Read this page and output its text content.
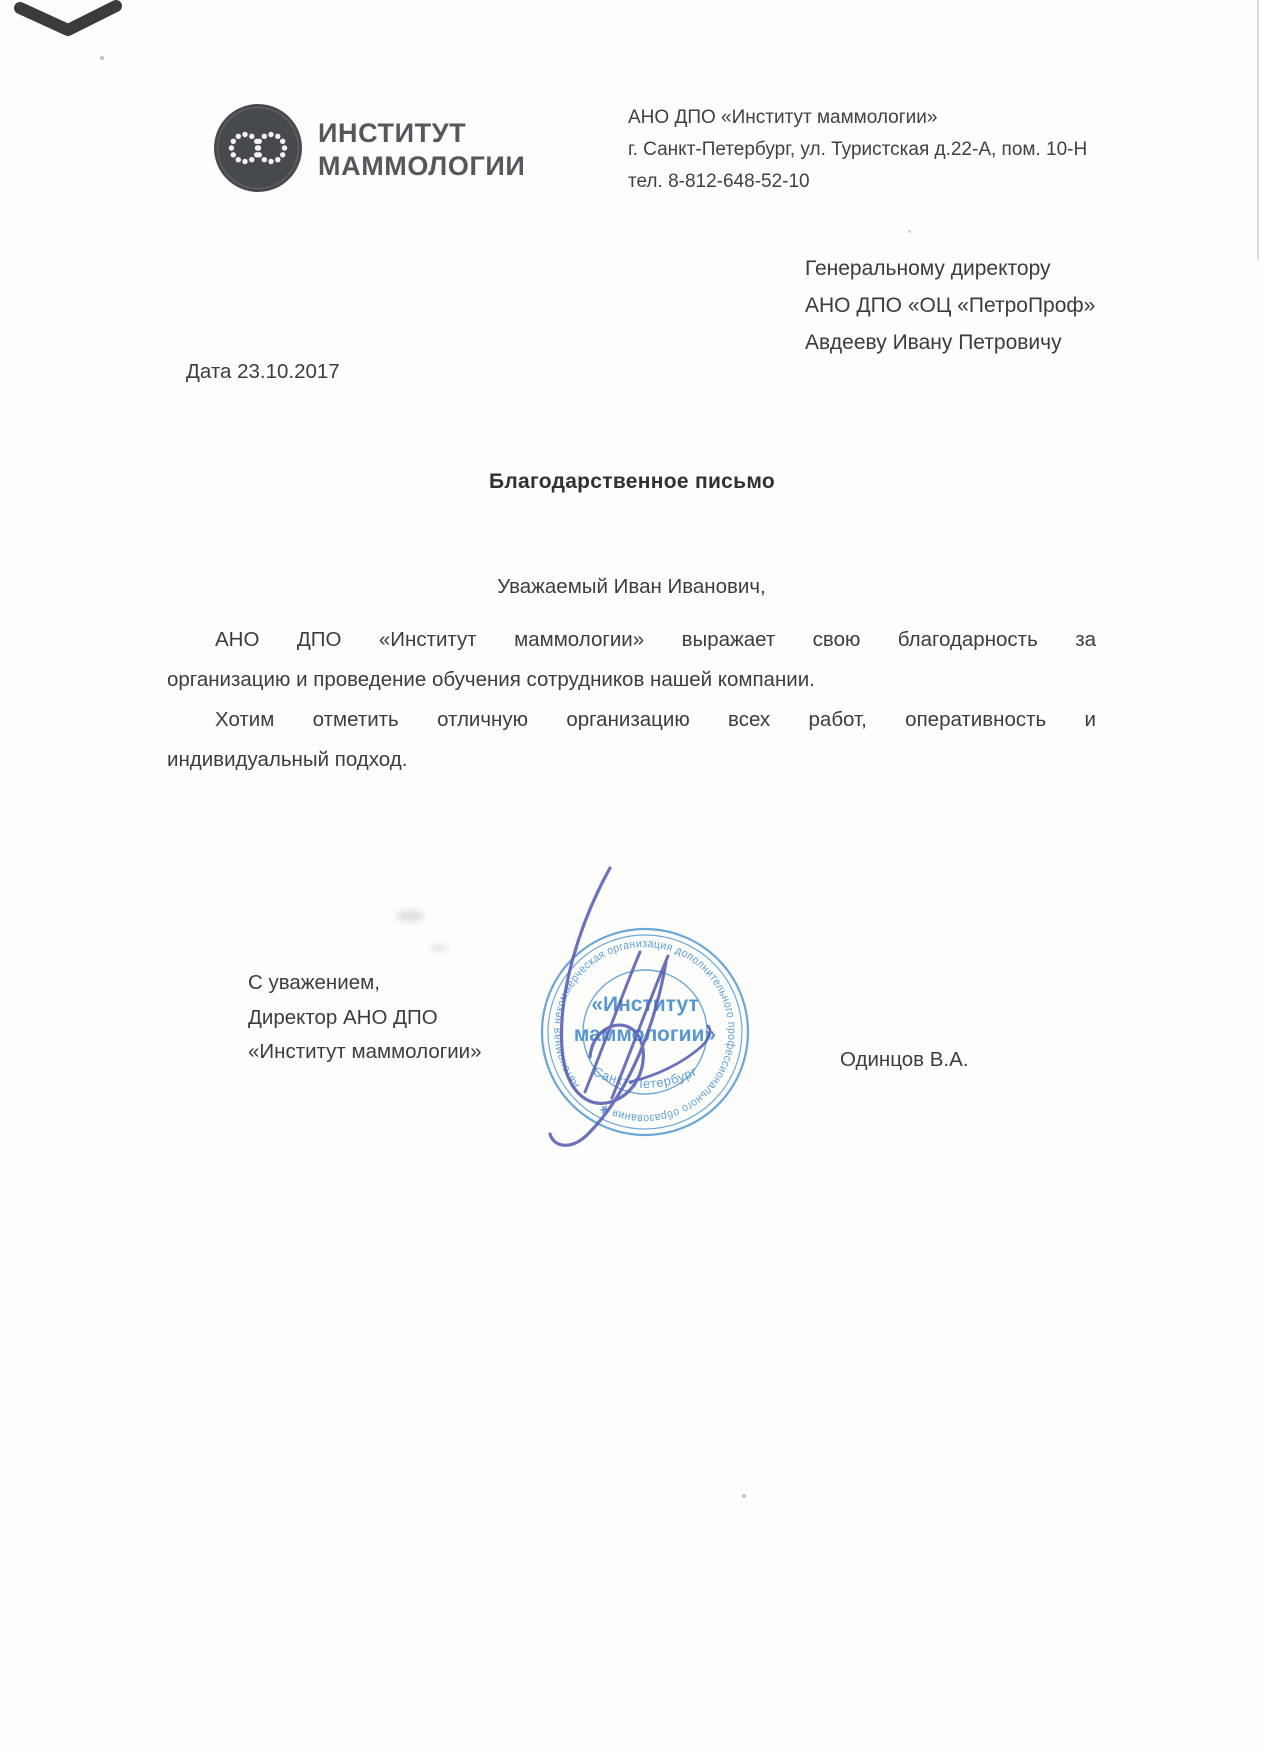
ИНСТИТУТ
МАММОЛОГИИ
АНО ДПО «Институт маммологии»
г. Санкт-Петербург, ул. Туристская д.22-А, пом. 10-Н
тел. 8-812-648-52-10
Генеральному директору
АНО ДПО «ОЦ «ПетроПроф»
Авдееву Ивану Петровичу
Дата 23.10.2017
Благодарственное письмо
Уважаемый Иван Иванович,
АНО ДПО «Институт маммологии» выражает свою благодарность за
организацию и проведение обучения сотрудников нашей компании.
Хотим отметить отличную организацию всех работ, оперативность и
индивидуальный подход.
С уважением,
Директор АНО ДПО
«Институт маммологии»
Автономная некоммерческая организация дополнительного профессионального образования ✱
«Институт
маммологии»
Санкт-Петербург
Одинцов В.А.
